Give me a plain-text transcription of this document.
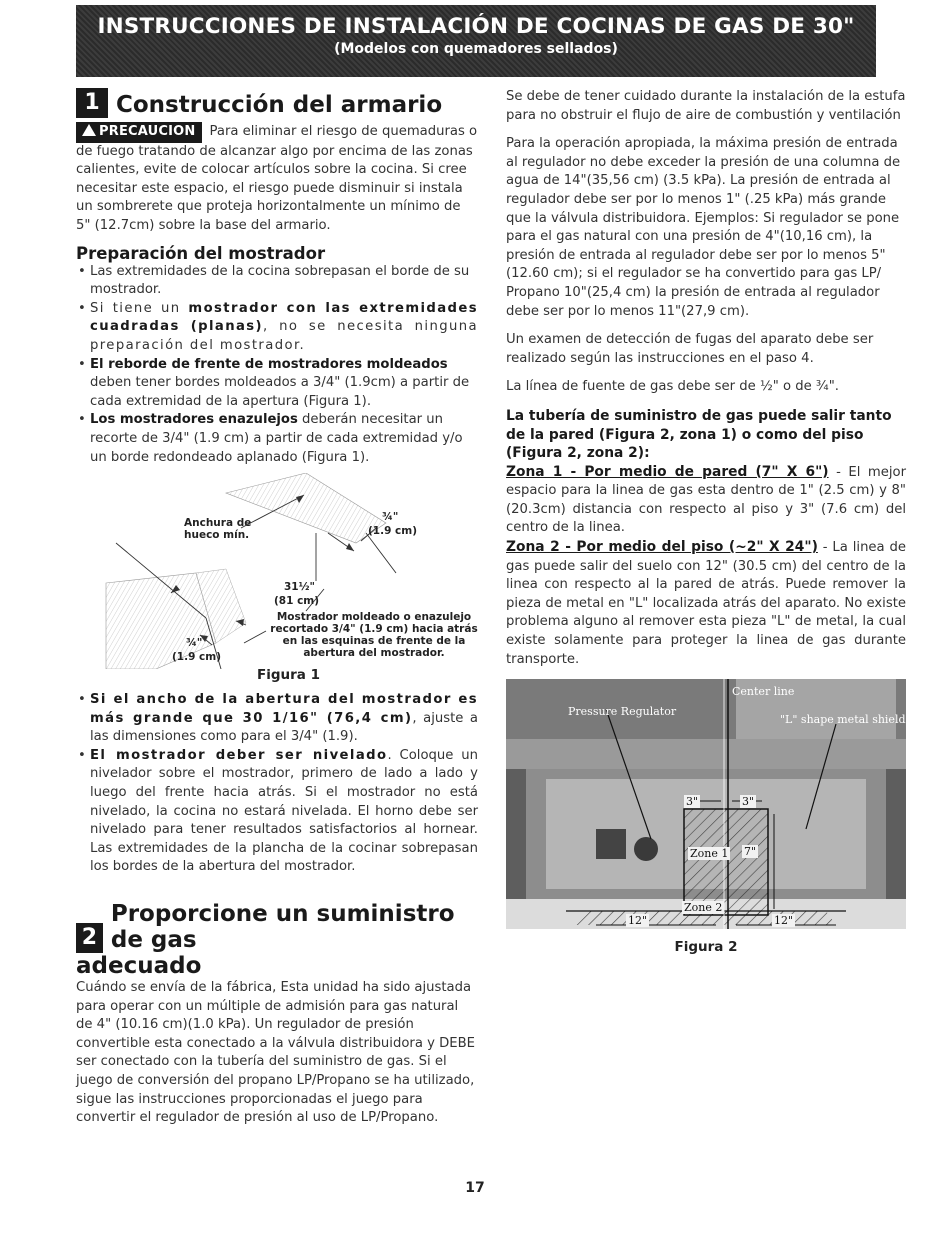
INSTRUCCIONES DE INSTALACIÓN DE COCINAS DE GAS DE 30"
(Modelos con quemadores sellados)
1 Construcción del armario

PRECAUCION Para eliminar el riesgo de quemaduras o de fuego tratando de alcanzar algo por encima de las zonas calientes, evite de colocar artículos sobre la cocina. Si cree necesitar este espacio, el riesgo puede disminuir si instala un sombrerete que proteja horizontalmente un mínimo de 5" (12.7cm) sobre la base del armario.

Preparación del mostrador
• Las extremidades de la cocina sobrepasan el borde de su mostrador.
• Si tiene un mostrador con las extremidades cuadradas (planas), no se necesita ninguna preparación del mostrador.
• El reborde de frente de mostradores moldeados deben tener bordes moldeados a 3/4" (1.9cm) a partir de cada extremidad de la apertura (Figura 1).
• Los mostradores enazulejos deberán necesitar un recorte de 3/4" (1.9 cm) a partir de cada extremidad y/o un borde redondeado aplanado (Figura 1).
Anchura de hueco mín.
¾"
(1.9 cm)
31½"
(81 cm)
Mostrador moldeado o enazulejo recortado 3/4" (1.9 cm) hacia atrás en las esquinas de frente de la abertura del mostrador.
¾"
(1.9 cm)
Figura 1
• Si el ancho de la abertura del mostrador es más grande que 30 1/16" (76,4 cm), ajuste a las dimensiones como para el 3/4" (1.9).
• El mostrador deber ser nivelado. Coloque un nivelador sobre el mostrador, primero de lado a lado y luego del frente hacia atrás. Si el mostrador no está nivelado, la cocina no estará nivelada. El horno debe ser nivelado para tener resultados satisfactorios al hornear. Las extremidades de la plancha de la cocinar sobrepasan los bordes de la abertura del mostrador.
2
Proporcione un suministro de gas
adecuado

Cuándo se envía de la fábrica, Esta unidad ha sido ajustada para operar con un múltiple de admisión para gas natural de 4" (10.16 cm)(1.0 kPa). Un regulador de presión convertible esta conectado a la válvula distribuidora y DEBE ser conectado con la tubería del suministro de gas. Si el juego de conversión del propano LP/Propano se ha utilizado, sigue las instrucciones proporcionadas el juego para convertir el regulador de presión al uso de LP/Propano.

Se debe de tener cuidado durante la instalación de la estufa para no obstruir el flujo de aire de combustión y ventilación

Para la operación apropiada, la máxima presión de entrada al regulador no debe exceder la presión de una columna de agua de 14"(35,56 cm) (3.5 kPa). La presión de entrada al regulador debe ser por lo menos 1" (.25 kPa) más grande que la válvula distribuidora. Ejemplos: Si regulador se pone para el gas natural con una presión de 4"(10,16 cm), la presión de entrada al regulador debe ser por lo menos 5"(12.60 cm); si el regulador se ha convertido para gas LP/ Propano 10"(25,4 cm) la presión de entrada al regulador debe ser por lo menos 11"(27,9 cm).

Un examen de detección de fugas del aparato debe ser realizado según las instrucciones en el paso 4.

La línea de fuente de gas debe ser de ½" o de ¾".

La tubería de suministro de gas puede salir tanto de la pared (Figura 2, zona 1) o como del piso (Figura 2, zona 2):

Zona 1 - Por medio de pared (7" X 6") - El mejor espacio para la linea de gas esta dentro de 1" (2.5 cm) y 8" (20.3cm) distancia con respecto al piso y 3" (7.6 cm) del centro de la linea.

Zona 2 - Por medio del piso (~2" X 24") - La linea de gas puede salir del suelo con 12" (30.5 cm) del centro de la linea con respecto al la pared de atrás. Puede remover la pieza de metal en "L" localizada atrás del aparato. No existe problema alguno al remover esta pieza "L" de metal, la cual existe solamente para proteger la linea de gas durante transporte.

Pressure Regulator
Center line
"L" shape metal shield
3"	3"
Zone 1 7"
Zone 2
12"	12"
Figura 2
17
